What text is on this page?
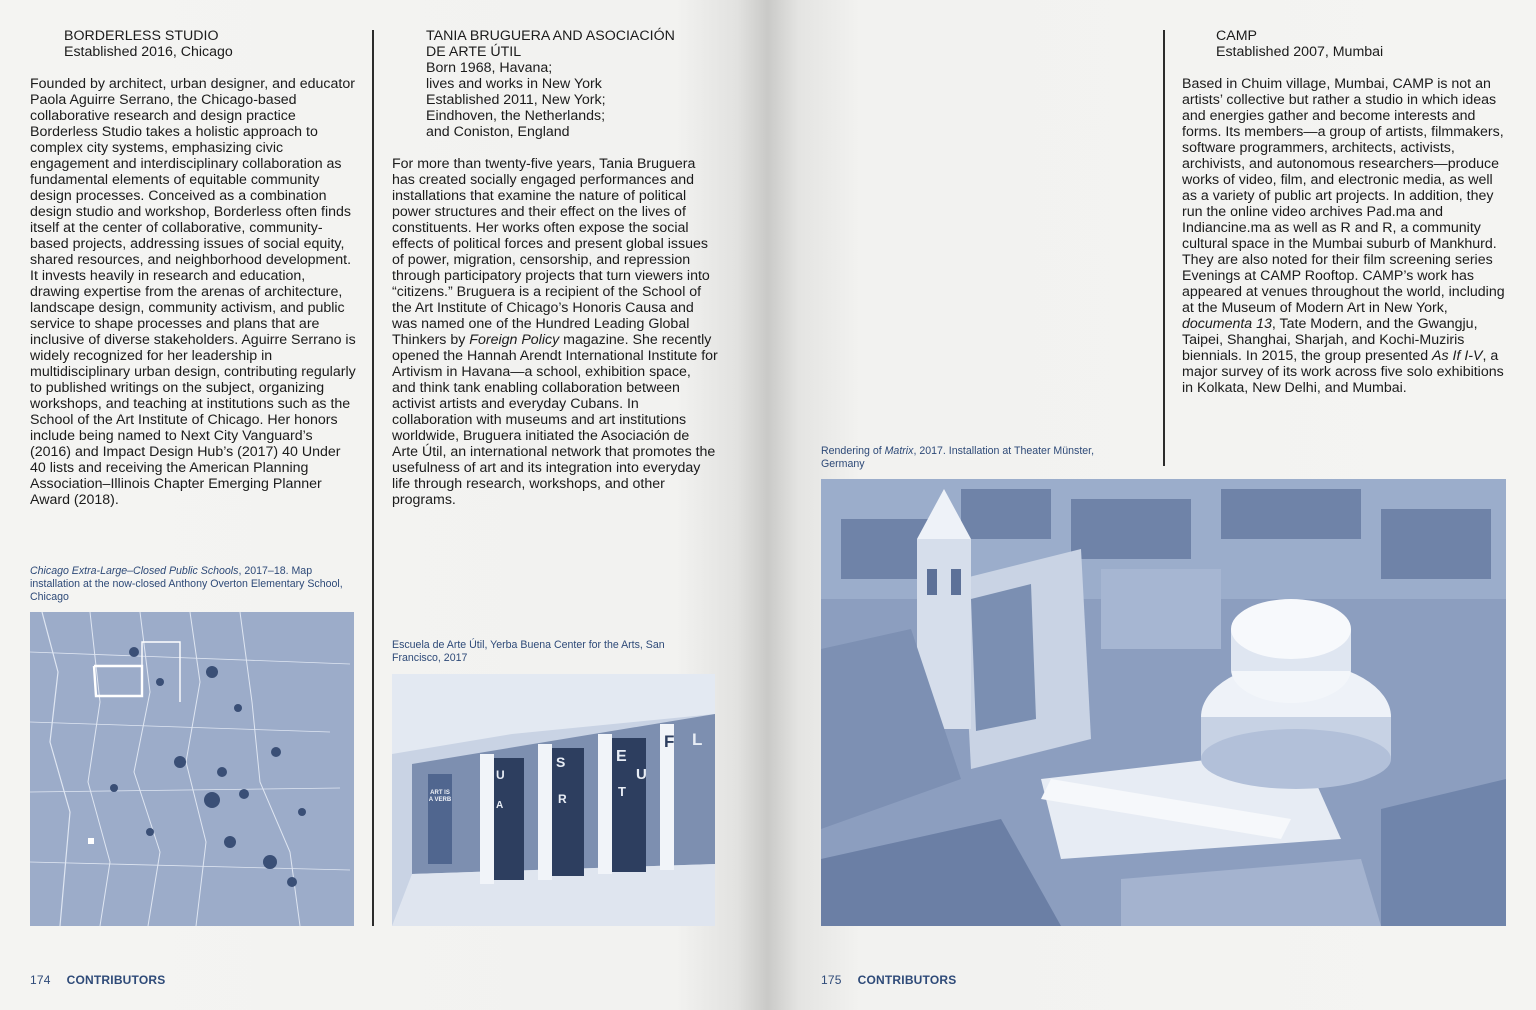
BORDERLESS STUDIO
Established 2016, Chicago
Founded by architect, urban designer, and educator Paola Aguirre Serrano, the Chicago-based collaborative research and design practice Borderless Studio takes a holistic approach to complex city systems, emphasizing civic engagement and interdisciplinary collaboration as fundamental elements of equitable community design processes. Conceived as a combination design studio and workshop, Borderless often finds itself at the center of collaborative, community-based projects, addressing issues of social equity, shared resources, and neighborhood development. It invests heavily in research and education, drawing expertise from the arenas of architecture, landscape design, community activism, and public service to shape processes and plans that are inclusive of diverse stakeholders. Aguirre Serrano is widely recognized for her leadership in multidisciplinary urban design, contributing regularly to published writings on the subject, organizing workshops, and teaching at institutions such as the School of the Art Institute of Chicago. Her honors include being named to Next City Vanguard’s (2016) and Impact Design Hub’s (2017) 40 Under 40 lists and receiving the American Planning Association–Illinois Chapter Emerging Planner Award (2018).
Chicago Extra-Large–Closed Public Schools, 2017–18. Map installation at the now-closed Anthony Overton Elementary School, Chicago
TANIA BRUGUERA AND ASOCIACIÓN
DE ARTE ÚTIL
Born 1968, Havana;
lives and works in New York
Established 2011, New York;
Eindhoven, the Netherlands;
and Coniston, England
For more than twenty-five years, Tania Bruguera has created socially engaged performances and installations that examine the nature of political power structures and their effect on the lives of constituents. Her works often expose the social effects of political forces and present global issues of power, migration, censorship, and repression through participatory projects that turn viewers into “citizens.” Bruguera is a recipient of the School of the Art Institute of Chicago’s Honoris Causa and was named one of the Hundred Leading Global Thinkers by Foreign Policy magazine. She recently opened the Hannah Arendt International Institute for Artivism in Havana—a school, exhibition space, and think tank enabling collaboration between activist artists and everyday Cubans. In collaboration with museums and art institutions worldwide, Bruguera initiated the Asociación de Arte Útil, an international network that promotes the usefulness of art and its integration into everyday life through research, workshops, and other programs.
Escuela de Arte Útil, Yerba Buena Center for the Arts, San Francisco, 2017
U
A
S
R
E
T
F
U
L
ART IS A VERB
174 CONTRIBUTORS
CAMP
Established 2007, Mumbai
Based in Chuim village, Mumbai, CAMP is not an artists’ collective but rather a studio in which ideas and energies gather and become interests and forms. Its members—a group of artists, filmmakers, software programmers, architects, activists, archivists, and autonomous researchers—produce works of video, film, and electronic media, as well as a variety of public art projects. In addition, they run the online video archives Pad.ma and Indiancine.ma as well as R and R, a community cultural space in the Mumbai suburb of Mankhurd. They are also noted for their film screening series Evenings at CAMP Rooftop. CAMP’s work has appeared at venues throughout the world, including at the Museum of Modern Art in New York, documenta 13, Tate Modern, and the Gwangju, Taipei, Shanghai, Sharjah, and Kochi-Muziris biennials. In 2015, the group presented As If I-V, a major survey of its work across five solo exhibitions in Kolkata, New Delhi, and Mumbai.
Rendering of Matrix, 2017. Installation at Theater Münster, Germany
175 CONTRIBUTORS
